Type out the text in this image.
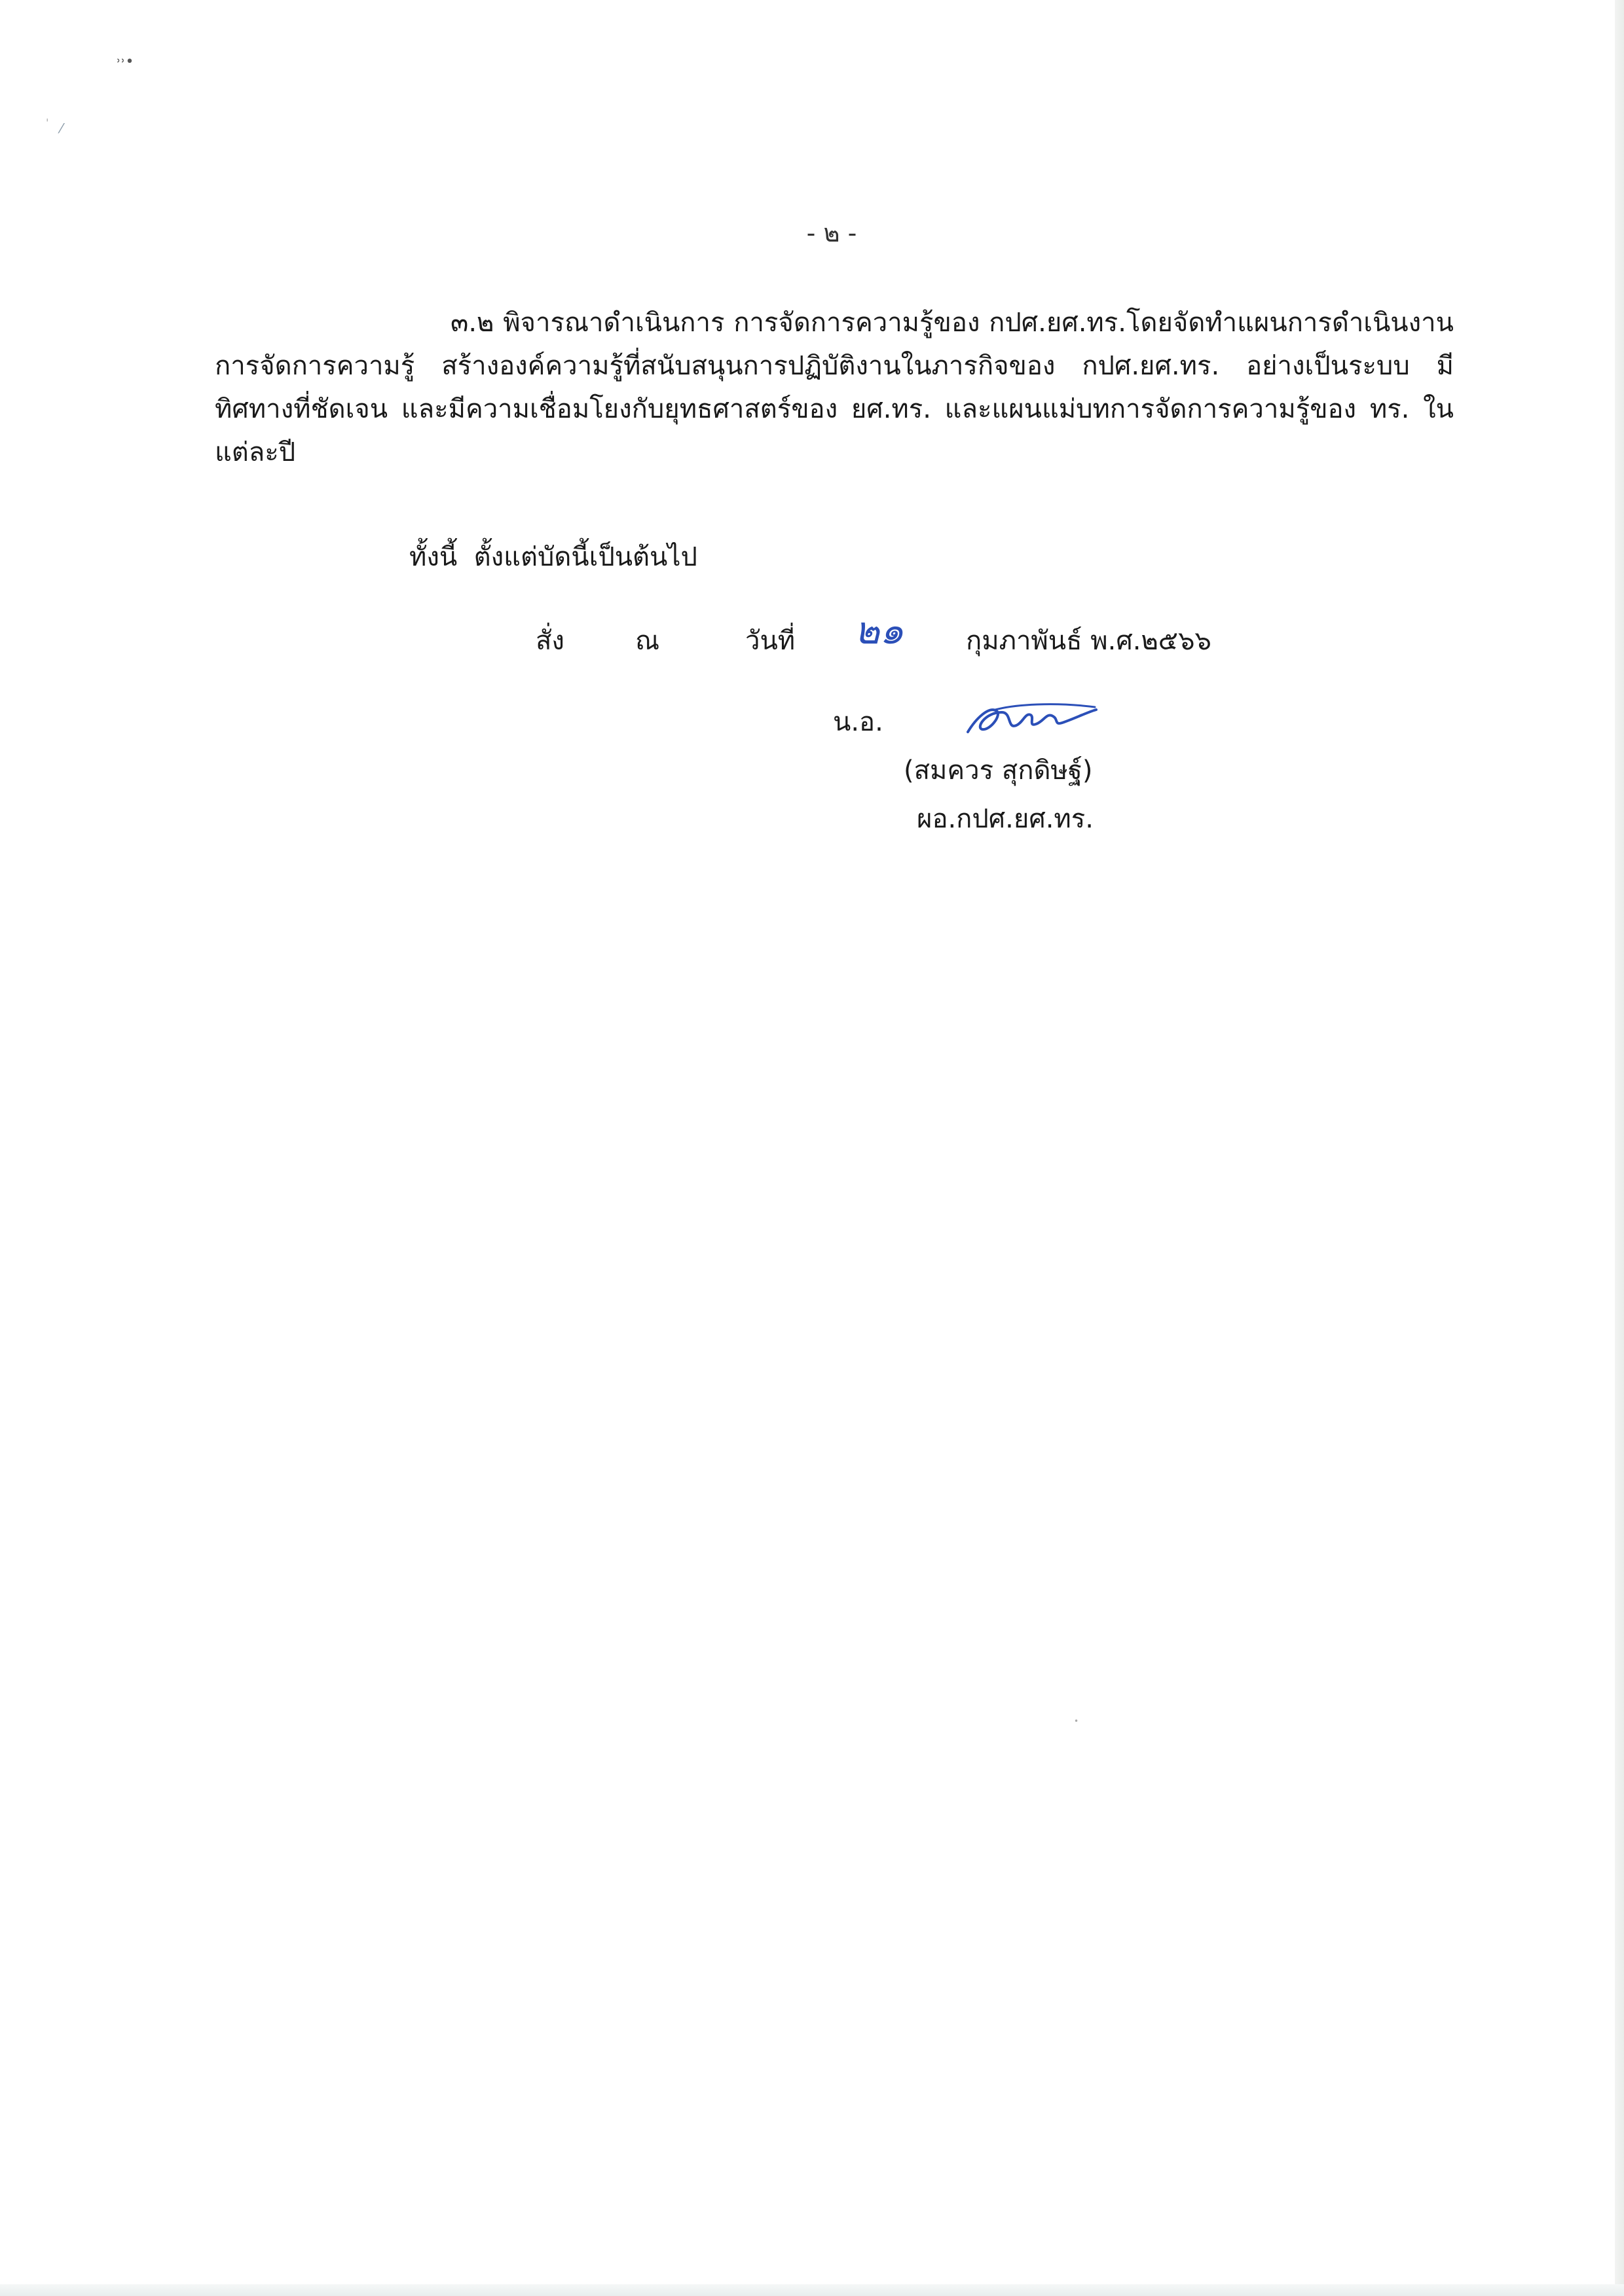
˒˒•
ˌ
⁄
- ๒ -

๓.๒ พิจารณาดำเนินการ การจัดการความรู้ของ กปศ.ยศ.ทร.โดยจัดทำแผนการดำเนินงาน การจัดการความรู้ สร้างองค์ความรู้ที่สนับสนุนการปฏิบัติงานในภารกิจของ กปศ.ยศ.ทร. อย่างเป็นระบบ มีทิศทางที่ชัดเจน และมีความเชื่อมโยงกับยุทธศาสตร์ของ ยศ.ทร. และแผนแม่บทการจัดการความรู้ของ ทร. ในแต่ละปี

ทั้งนี้  ตั้งแต่บัดนี้เป็นต้นไป
สั่ง	ณ	วันที่ ๒๑ กุมภาพันธ์ พ.ศ.๒๕๖๖
น.อ.
(สมควร สุกดิษฐ์)
ผอ.กปศ.ยศ.ทร.
•
